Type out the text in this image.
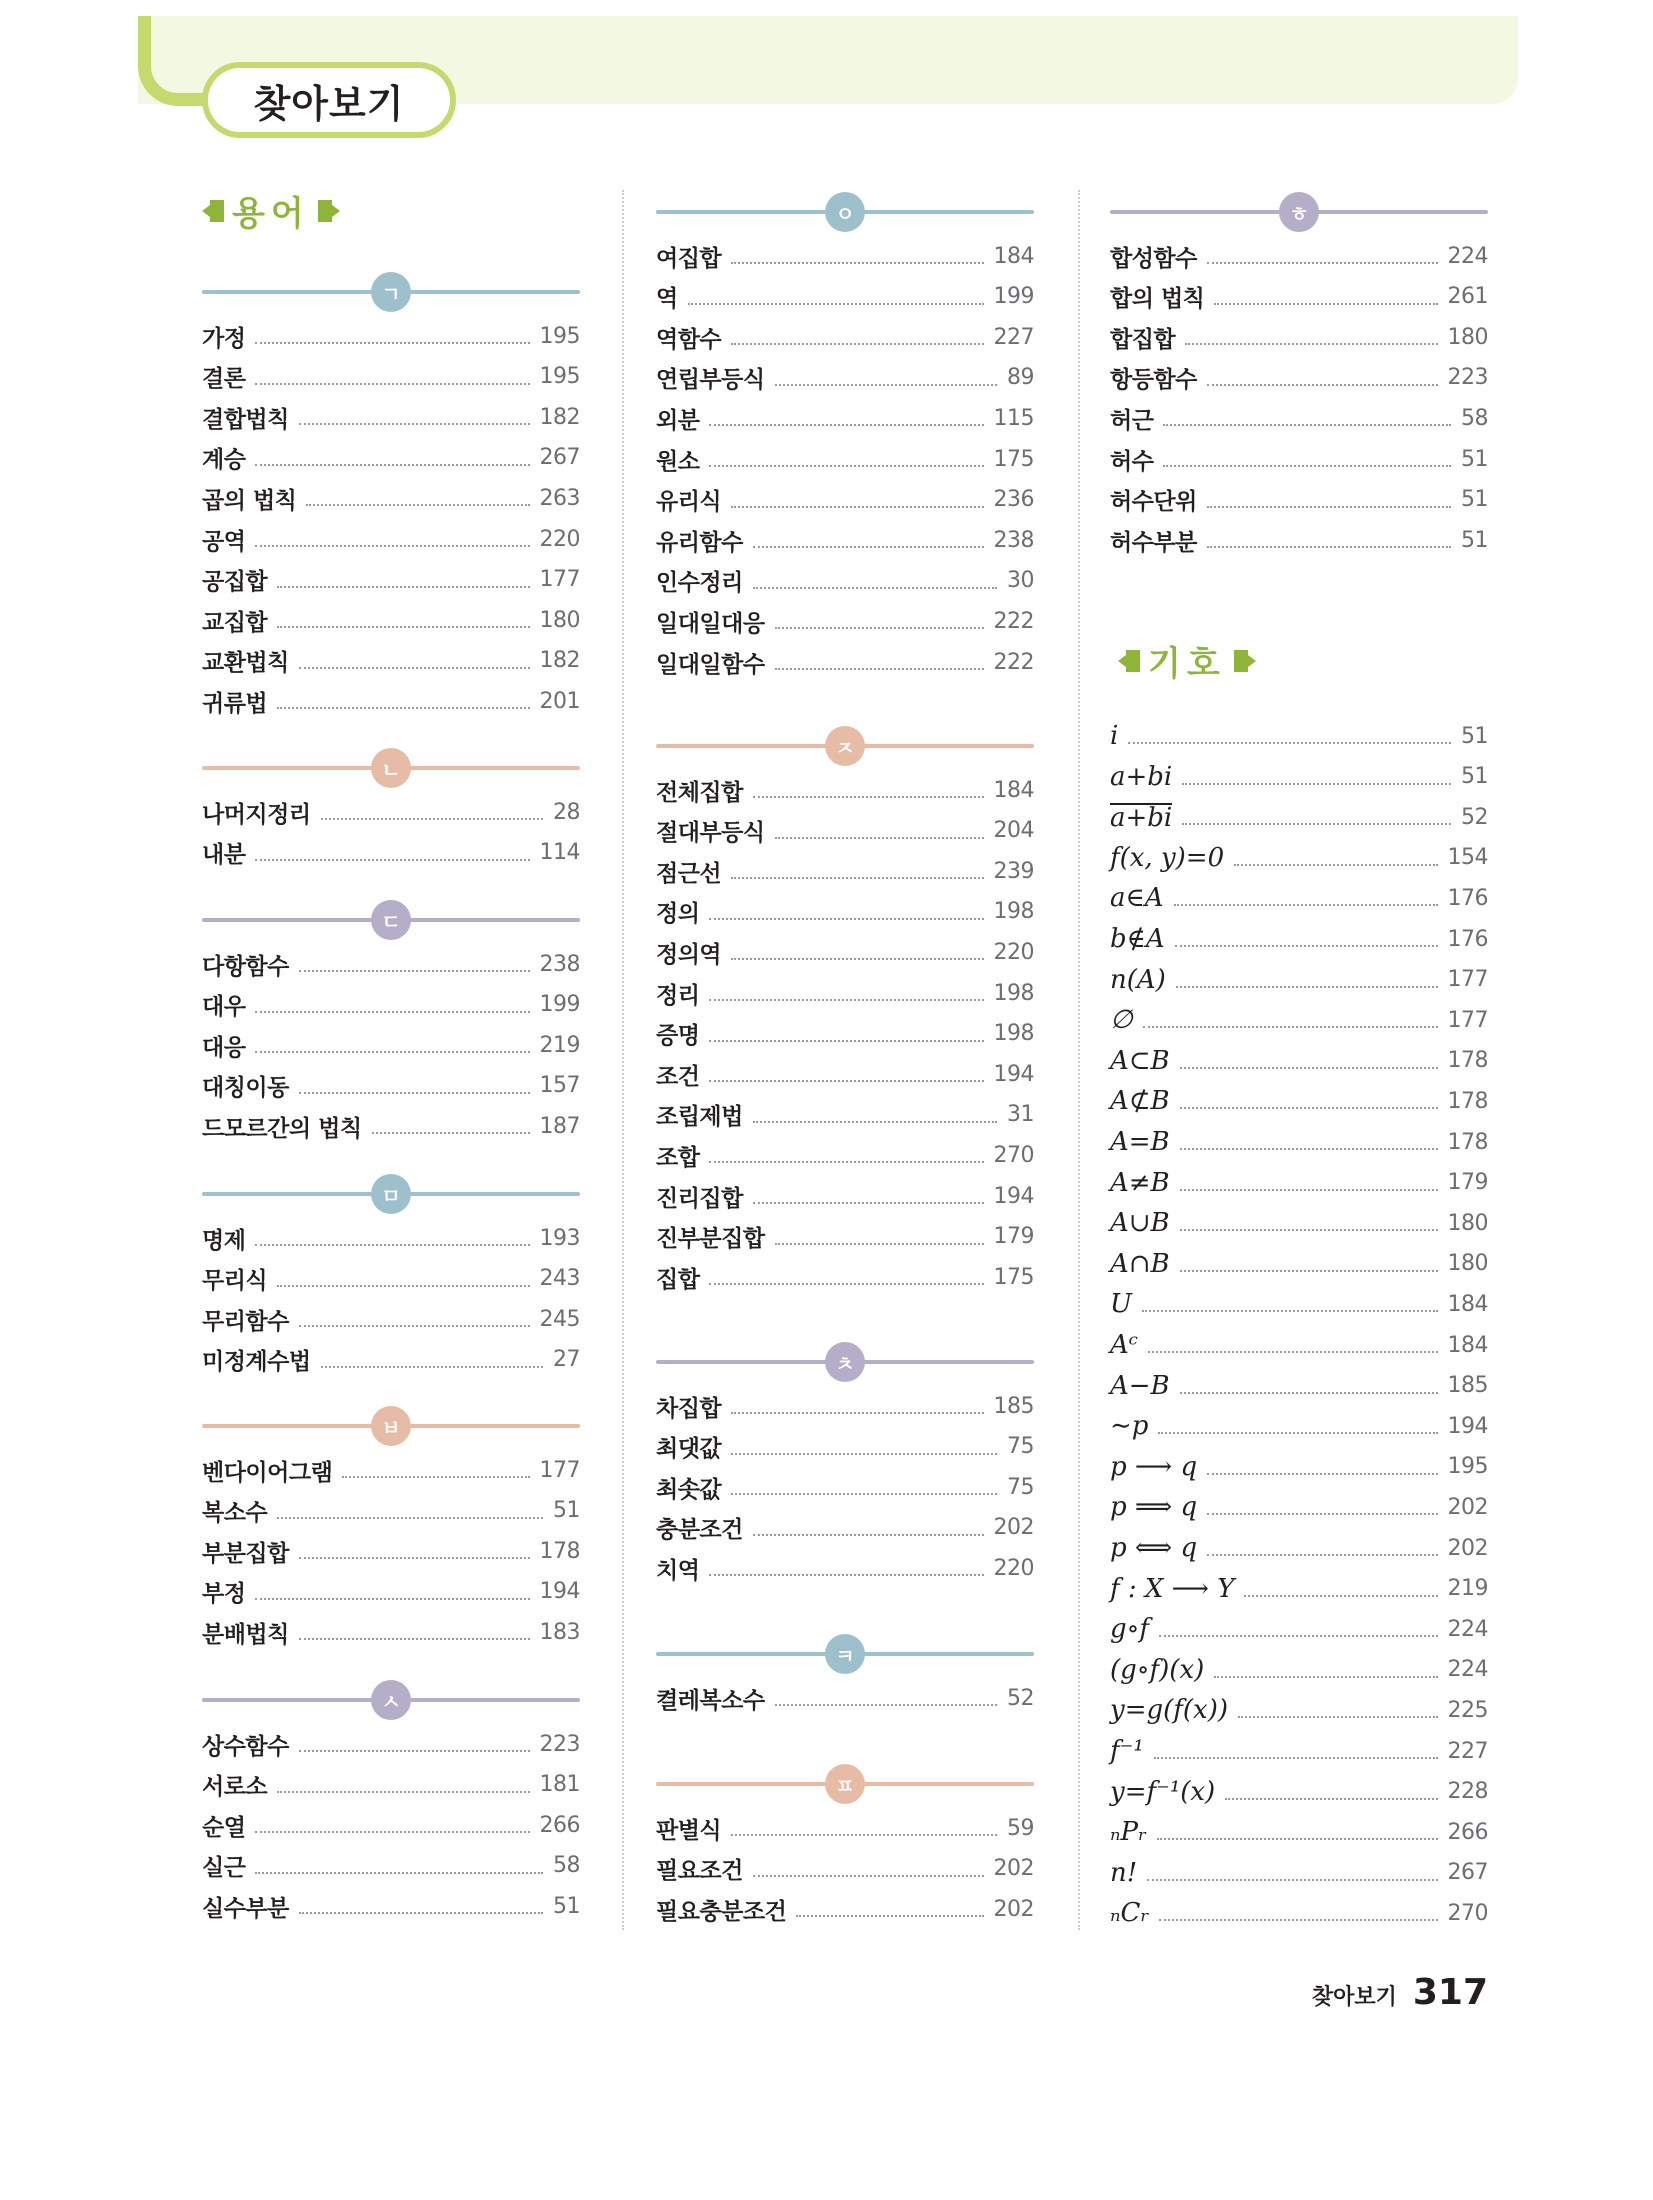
찾아보기
용어
기호
ㄱ
가정	195
결론	195
결합법칙	182
계승	267
곱의 법칙	263
공역	220
공집합	177
교집합	180
교환법칙	182
귀류법	201
ㄴ
나머지정리	28
내분	114
ㄷ
다항함수	238
대우	199
대응	219
대칭이동	157
드모르간의 법칙	187
ㅁ
명제	193
무리식	243
무리함수	245
미정계수법	27
ㅂ
벤다이어그램	177
복소수	51
부분집합	178
부정	194
분배법칙	183
ㅅ
상수함수	223
서로소	181
순열	266
실근	58
실수부분	51
ㅇ
여집합	184
역	199
역함수	227
연립부등식	89
외분	115
원소	175
유리식	236
유리함수	238
인수정리	30
일대일대응	222
일대일함수	222
ㅈ
전체집합	184
절대부등식	204
점근선	239
정의	198
정의역	220
정리	198
증명	198
조건	194
조립제법	31
조합	270
진리집합	194
진부분집합	179
집합	175
ㅊ
차집합	185
최댓값	75
최솟값	75
충분조건	202
치역	220
ㅋ
켤레복소수	52
ㅍ
판별식	59
필요조건	202
필요충분조건	202
ㅎ
합성함수	224
합의 법칙	261
합집합	180
항등함수	223
허근	58
허수	51
허수단위	51
허수부분	51
i	51
a+bi	51
a+bi	52
f(x, y)=0	154
a∈A	176
b∉A	176
n(A)	177
∅	177
A⊂B	178
A⊄B	178
A=B	178
A≠B	179
A∪B	180
A∩B	180
U	184
Aᶜ	184
A−B	185
∼p	194
p ⟶ q	195
p ⟹ q	202
p ⟺ q	202
f : X ⟶ Y	219
g∘f	224
(g∘f)(x)	224
y=g(f(x))	225
f⁻¹	227
y=f⁻¹(x)	228
ₙPᵣ	266
n!	267
ₙCᵣ	270
찾아보기 317
